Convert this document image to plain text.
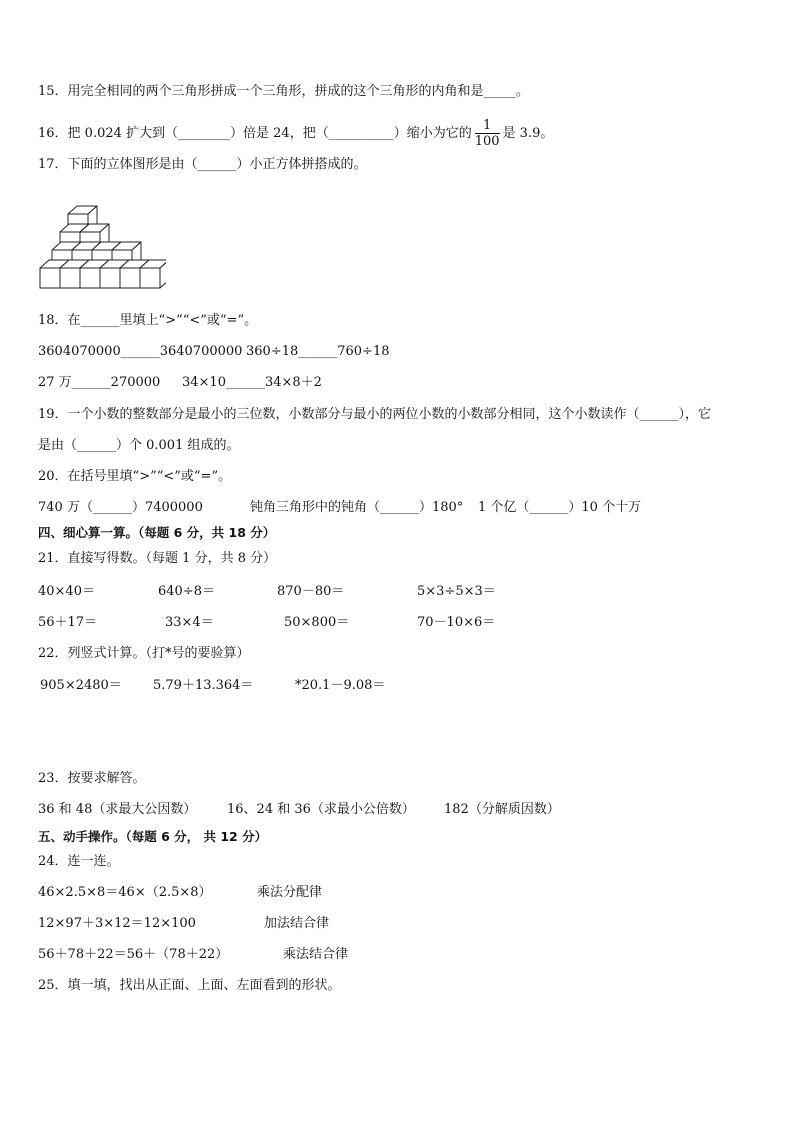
15．用完全相同的两个三角形拼成一个三角形，拼成的这个三角形的内角和是_____。
16．把 0.024 扩大到（________）倍是 24，把（__________）缩小为它的 $\frac{1}{100}$ 是 3.9。
17．下面的立体图形是由（______）小正方体拼搭成的。
18．在______里填上“>”“<”或“=”。
3604070000______3640700000 360÷18______760÷18
27 万______270000 34×10______34×8＋2
19．一个小数的整数部分是最小的三位数，小数部分与最小的两位小数的小数部分相同，这个小数读作（______），它
是由（______）个 0.001 组成的。
20．在括号里填“>”“<”或“=”。
740 万（______）7400000	钝角三角形中的钝角（______）180° 1 个亿（______）10 个十万
四、细心算一算。（每题 6 分，共 18 分）
21．直接写得数。（每题 1 分，共 8 分）
40×40＝	640÷8＝	870－80＝	5×3÷5×3＝
56＋17＝	33×4＝	50×800＝	70－10×6＝
22．列竖式计算。（打*号的要验算）
905×2480＝ 5.79＋13.364＝	*20.1－9.08＝
23．按要求解答。
36 和 48（求最大公因数） 16、24 和 36（求最小公倍数） 182（分解质因数）
五、动手操作。（每题 6 分， 共 12 分）
24．连一连。
46×2.5×8＝46×（2.5×8）	乘法分配律
12×97＋3×12＝12×100	加法结合律
56＋78＋22＝56＋（78＋22）	乘法结合律
25．填一填，找出从正面、上面、左面看到的形状。
